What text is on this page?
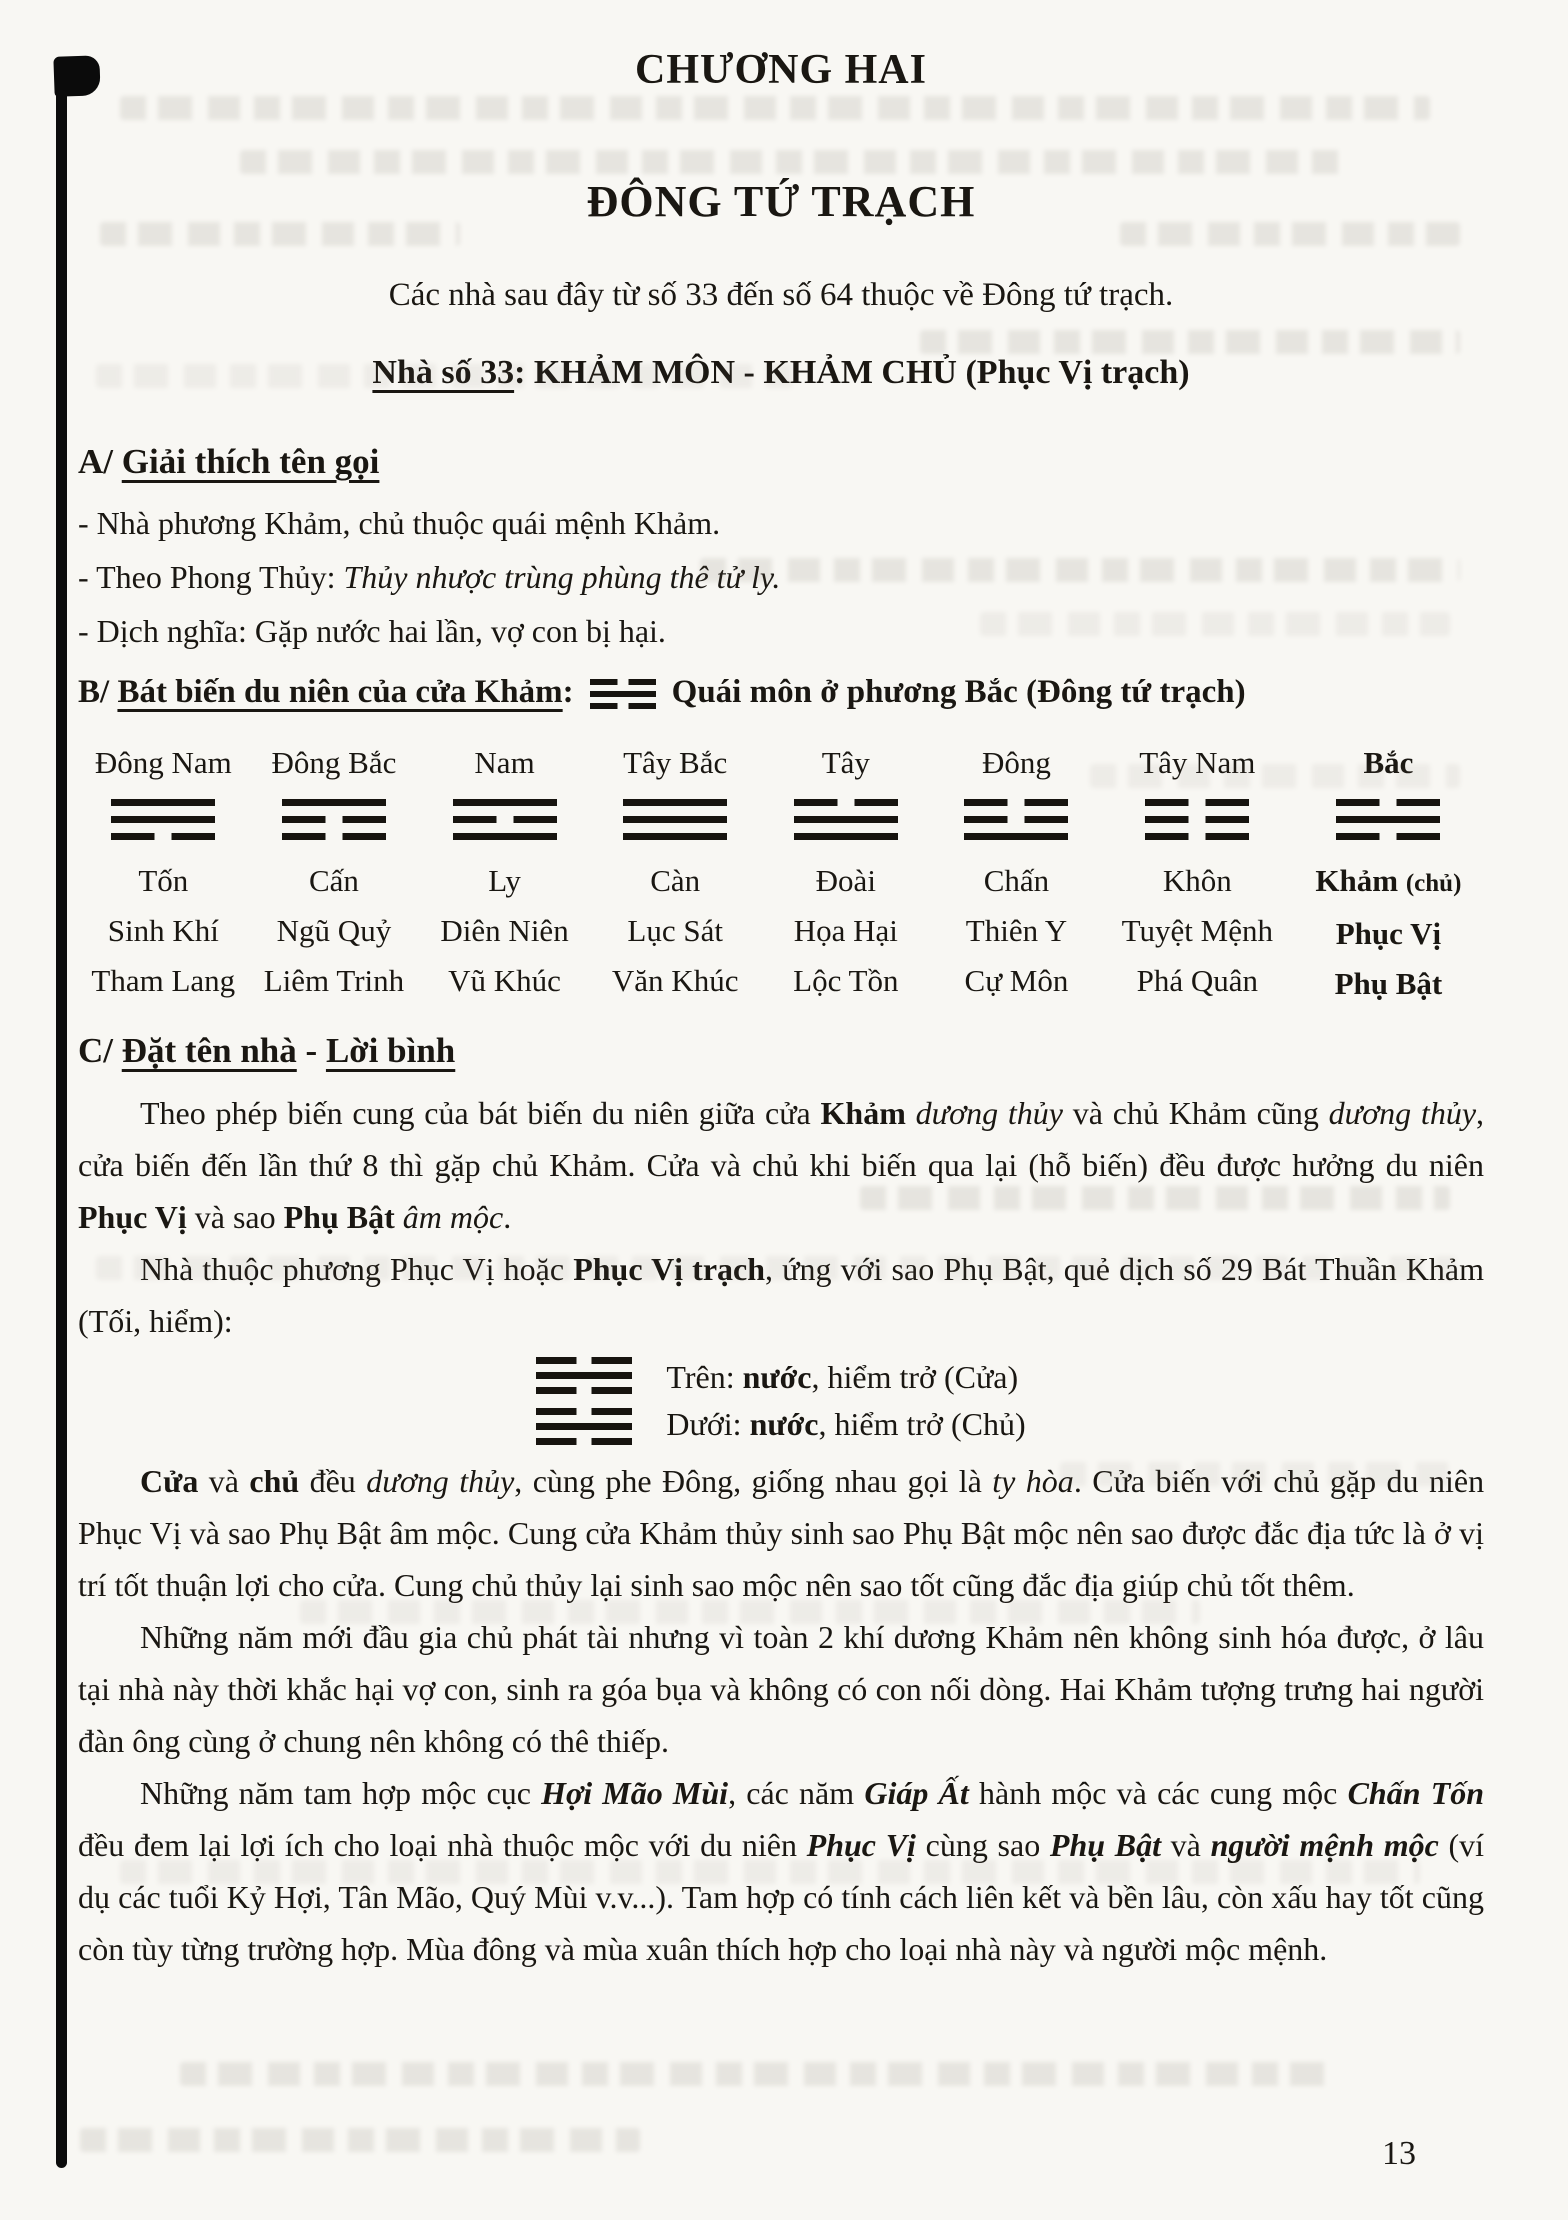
CHƯƠNG HAI
ĐÔNG TỨ TRẠCH

Các nhà sau đây từ số 33 đến số 64 thuộc về Đông tứ trạch.

Nhà số 33: KHẢM MÔN - KHẢM CHỦ (Phục Vị trạch)
A/ Giải thích tên gọi

- Nhà phương Khảm, chủ thuộc quái mệnh Khảm.

- Theo Phong Thủy: Thủy nhược trùng phùng thê tử ly.

- Dịch nghĩa: Gặp nước hai lần, vợ con bị hại.

B/ Bát biến du niên của cửa Khảm:	Quái môn ở phương Bắc (Đông tứ trạch)
Đông Nam
Tốn
Sinh Khí
Tham Lang
Đông Bắc
Cấn
Ngũ Quỷ
Liêm Trinh
Nam
Ly
Diên Niên
Vũ Khúc
Tây Bắc
Càn
Lục Sát
Văn Khúc
Tây
Đoài
Họa Hại
Lộc Tồn
Đông
Chấn
Thiên Y
Cự Môn
Tây Nam
Khôn
Tuyệt Mệnh
Phá Quân
Bắc
Khảm (chủ)
Phục Vị
Phụ Bật
C/ Đặt tên nhà - Lời bình

Theo phép biến cung của bát biến du niên giữa cửa Khảm dương thủy và chủ Khảm cũng dương thủy, cửa biến đến lần thứ 8 thì gặp chủ Khảm. Cửa và chủ khi biến qua lại (hỗ biến) đều được hưởng du niên Phục Vị và sao Phụ Bật âm mộc.

Nhà thuộc phương Phục Vị hoặc Phục Vị trạch, ứng với sao Phụ Bật, quẻ dịch số 29 Bát Thuần Khảm (Tối, hiểm):

Trên: nước, hiểm trở (Cửa)
Dưới: nước, hiểm trở (Chủ)

Cửa và chủ đều dương thủy, cùng phe Đông, giống nhau gọi là ty hòa. Cửa biến với chủ gặp du niên Phục Vị và sao Phụ Bật âm mộc. Cung cửa Khảm thủy sinh sao Phụ Bật mộc nên sao được đắc địa tức là ở vị trí tốt thuận lợi cho cửa. Cung chủ thủy lại sinh sao mộc nên sao tốt cũng đắc địa giúp chủ tốt thêm.

Những năm mới đầu gia chủ phát tài nhưng vì toàn 2 khí dương Khảm nên không sinh hóa được, ở lâu tại nhà này thời khắc hại vợ con, sinh ra góa bụa và không có con nối dòng. Hai Khảm tượng trưng hai người đàn ông cùng ở chung nên không có thê thiếp.

Những năm tam hợp mộc cục Hợi Mão Mùi, các năm Giáp Ất hành mộc và các cung mộc Chấn Tốn đều đem lại lợi ích cho loại nhà thuộc mộc với du niên Phục Vị cùng sao Phụ Bật và người mệnh mộc (ví dụ các tuổi Kỷ Hợi, Tân Mão, Quý Mùi v.v...). Tam hợp có tính cách liên kết và bền lâu, còn xấu hay tốt cũng còn tùy từng trường hợp. Mùa đông và mùa xuân thích hợp cho loại nhà này và người mộc mệnh.

13
